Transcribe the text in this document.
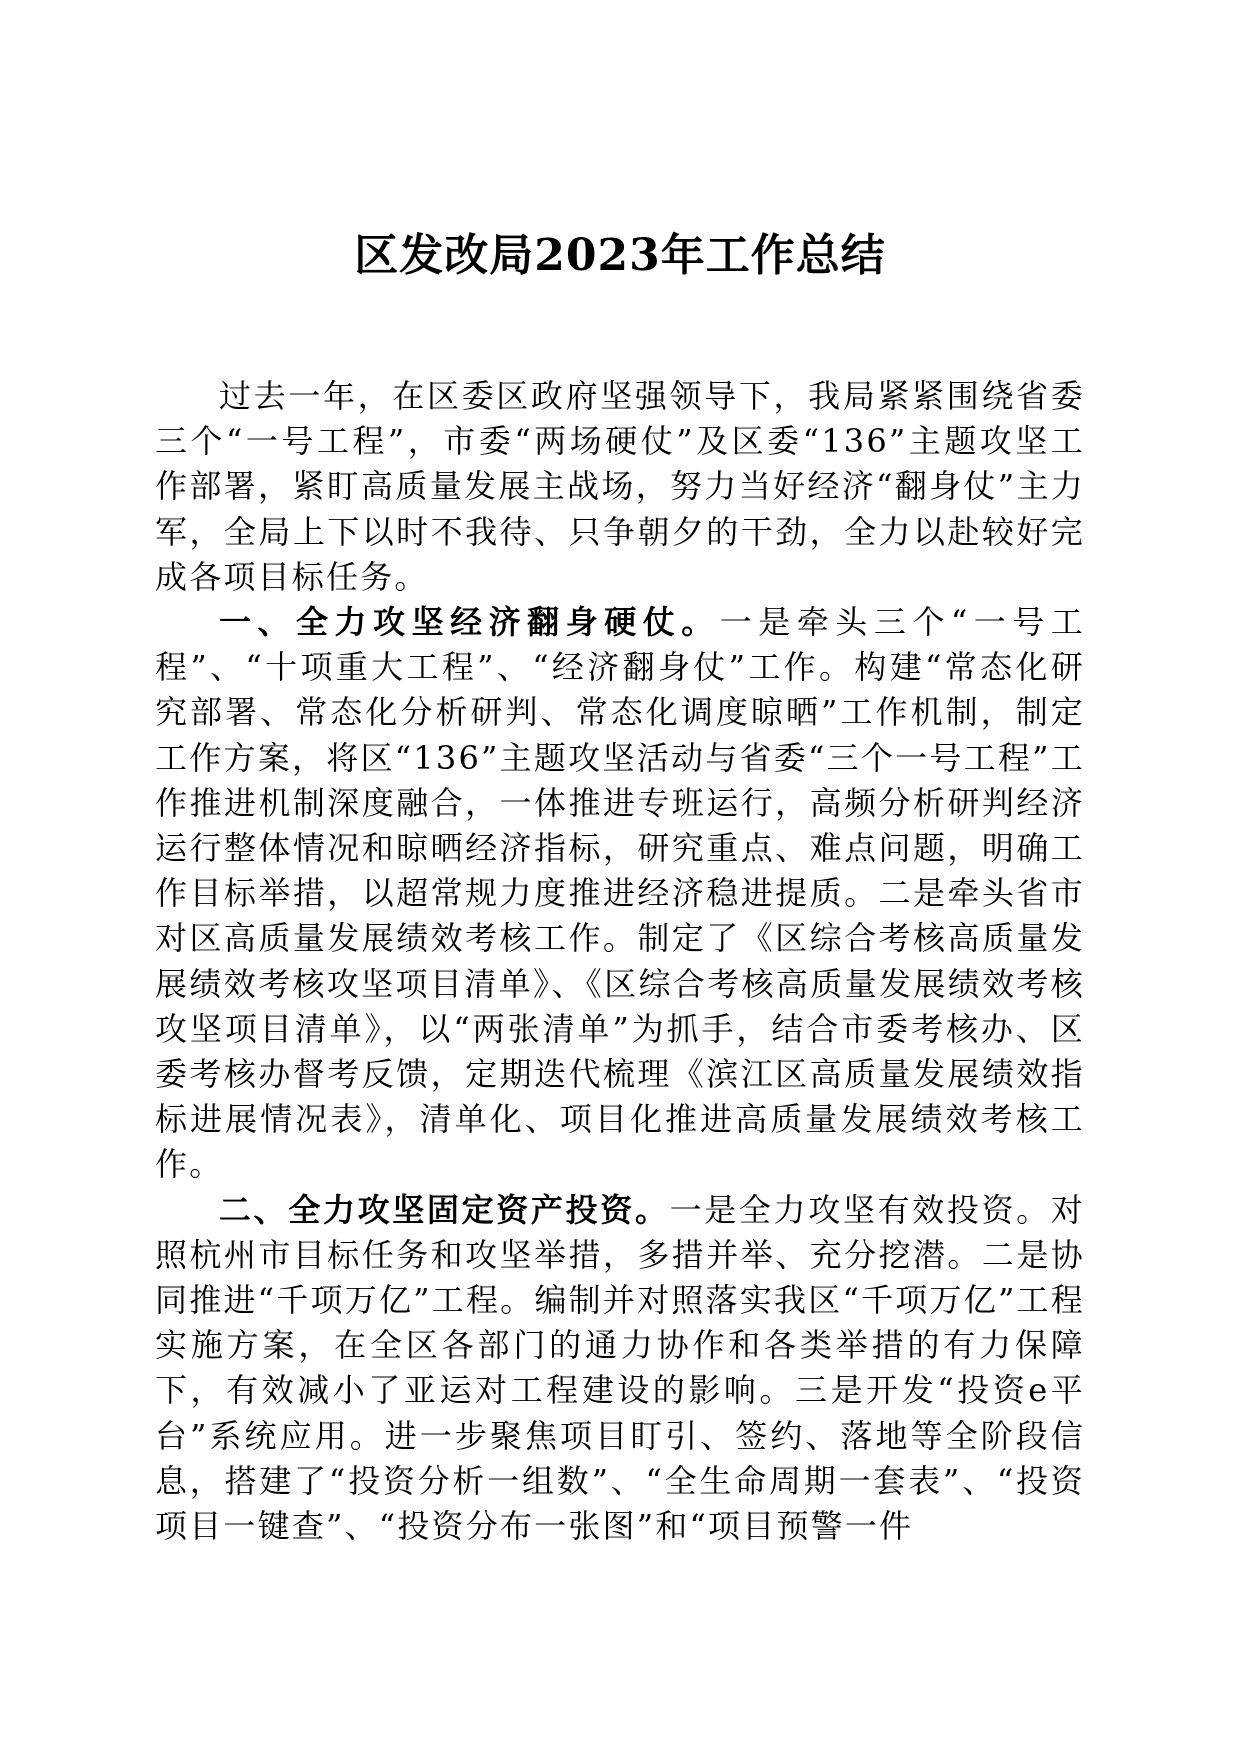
区发改局2023年工作总结

过去一年，在区委区政府坚强领导下，我局紧紧围绕省委三个“一号工程”，市委“两场硬仗”及区委“136”主题攻坚工作部署，紧盯高质量发展主战场，努力当好经济“翻身仗”主力军，全局上下以时不我待、只争朝夕的干劲，全力以赴较好完成各项目标任务。

一、全力攻坚经济翻身硬仗。一是牵头三个“一号工程”、“十项重大工程”、“经济翻身仗”工作。构建“常态化研究部署、常态化分析研判、常态化调度晾晒”工作机制，制定工作方案，将区“136”主题攻坚活动与省委“三个一号工程”工作推进机制深度融合，一体推进专班运行，高频分析研判经济运行整体情况和晾晒经济指标，研究重点、难点问题，明确工作目标举措，以超常规力度推进经济稳进提质。二是牵头省市对区高质量发展绩效考核工作。制定了《区综合考核高质量发展绩效考核攻坚项目清单》、《区综合考核高质量发展绩效考核攻坚项目清单》，以“两张清单”为抓手，结合市委考核办、区委考核办督考反馈，定期迭代梳理《滨江区高质量发展绩效指标进展情况表》，清单化、项目化推进高质量发展绩效考核工作。

二、全力攻坚固定资产投资。一是全力攻坚有效投资。对照杭州市目标任务和攻坚举措，多措并举、充分挖潜。二是协同推进“千项万亿”工程。编制并对照落实我区“千项万亿”工程实施方案，在全区各部门的通力协作和各类举措的有力保障下，有效减小了亚运对工程建设的影响。三是开发“投资e平台”系统应用。进一步聚焦项目盯引、签约、落地等全阶段信息，搭建了“投资分析一组数”、“全生命周期一套表”、“投资项目一键查”、“投资分布一张图”和“项目预警一件
